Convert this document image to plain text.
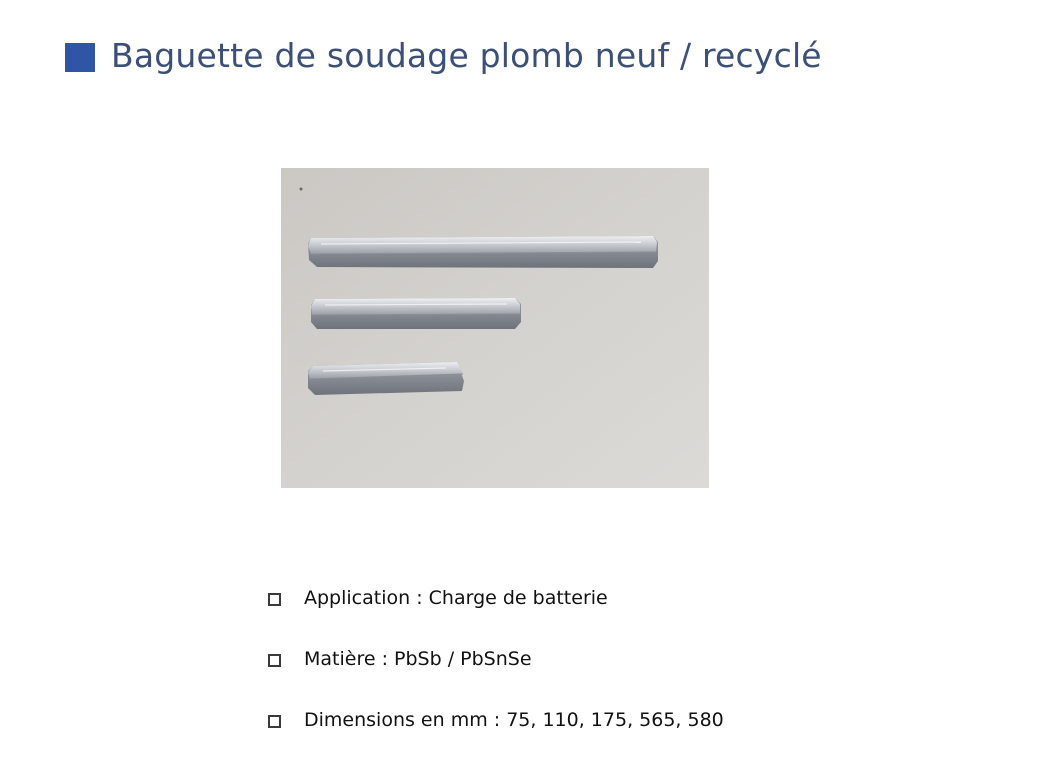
Baguette de soudage plomb neuf / recyclé
Application : Charge de batterie
Matière : PbSb / PbSnSe
Dimensions en mm : 75, 110, 175, 565, 580
